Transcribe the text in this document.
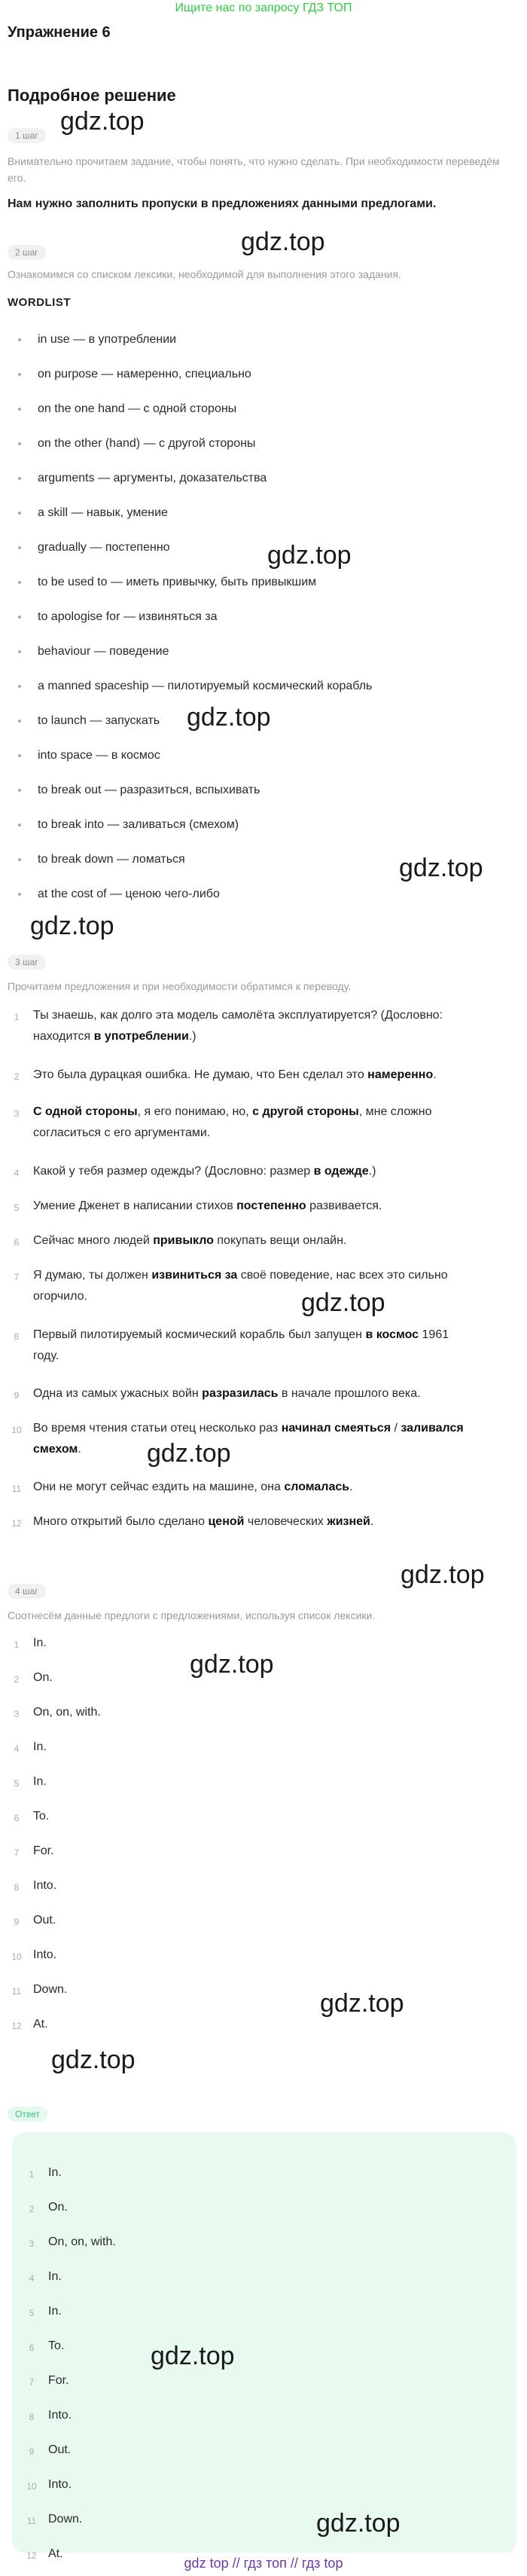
Ищите нас по запросу ГДЗ ТОП
Упражнение 6
Подробное решение
1 шаг
Внимательно прочитаем задание, чтобы понять, что нужно сделать. При необходимости переведём его.
Нам нужно заполнить пропуски в предложениях данными предлогами.
2 шаг
Ознакомимся со списком лексики, необходимой для выполнения этого задания.
WORDLIST
in use — в употреблении
on purpose — намеренно, специально
on the one hand — с одной стороны
on the other (hand) — с другой стороны
arguments — аргументы, доказательства
a skill — навык, умение
gradually — постепенно
to be used to — иметь привычку, быть привыкшим
to apologise for — извиняться за
behaviour — поведение
a manned spaceship — пилотируемый космический корабль
to launch — запускать
into space — в космос
to break out — разразиться, вспыхивать
to break into — заливаться (смехом)
to break down — ломаться
at the cost of — ценою чего-либо
3 шаг
Прочитаем предложения и при необходимости обратимся к переводу.
1	Ты знаешь, как долго эта модель самолёта эксплуатируется? (Дословно:
находится в употреблении.)
2	Это была дурацкая ошибка. Не думаю, что Бен сделал это намеренно.
3	С одной стороны, я его понимаю, но, с другой стороны, мне сложно
согласиться с его аргументами.
4	Какой у тебя размер одежды? (Дословно: размер в одежде.)
5	Умение Дженет в написании стихов постепенно развивается.
6	Сейчас много людей привыкло покупать вещи онлайн.
7	Я думаю, ты должен извиниться за своё поведение, нас всех это сильно
огорчило.
8	Первый пилотируемый космический корабль был запущен в космос 1961
году.
9	Одна из самых ужасных войн разразилась в начале прошлого века.
10 Во время чтения статьи отец несколько раз начинал смеяться / заливался
смехом.
11 Они не могут сейчас ездить на машине, она сломалась.
12 Много открытий было сделано ценой человеческих жизней.
4 шаг
Соотнесём данные предлоги с предложениями, используя список лексики.
1	In.
2	On.
3	On, on, with.
4	In.
5	In.
6	To.
7	For.
8	Into.
9	Out.
10 Into.
11 Down.
12 At.
Ответ
1	In.
2	On.
3	On, on, with.
4	In.
5	In.
6	To.
7	For.
8	Into.
9	Out.
10 Into.
11 Down.
12 At.
gdz.top
gdz.top
gdz.top
gdz.top
gdz.top
gdz.top
gdz.top
gdz.top
gdz.top
gdz.top
gdz.top
gdz.top
gdz.top
gdz.top
gdz top // гдз топ // гдз top
